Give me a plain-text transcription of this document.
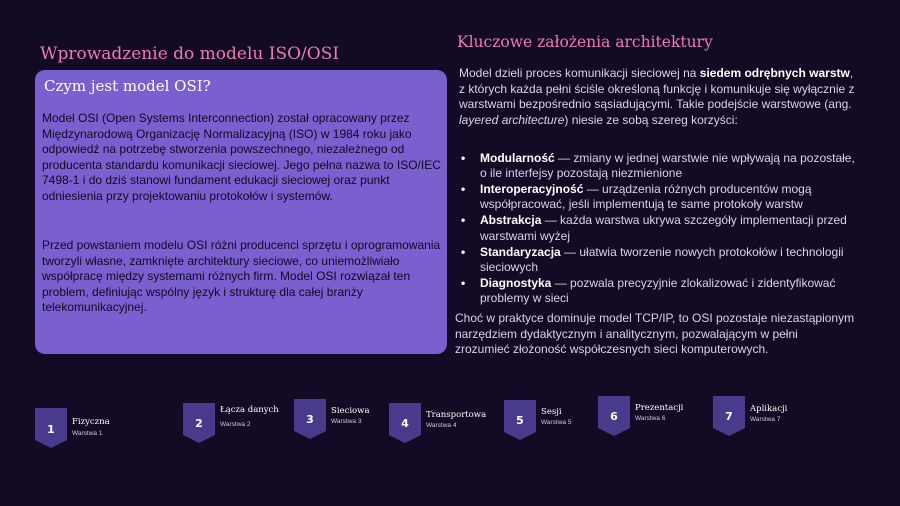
Wprowadzenie do modelu ISO/OSI
Czym jest model OSI?
Model OSI (Open Systems Interconnection) został opracowany przez Międzynarodową Organizację Normalizacyjną (ISO) w 1984 roku jako odpowiedź na potrzebę stworzenia powszechnego, niezależnego od producenta standardu komunikacji sieciowej. Jego pełna nazwa to ISO/IEC 7498-1 i do dziś stanowi fundament edukacji sieciowej oraz punkt odniesienia przy projektowaniu protokołów i systemów.
Przed powstaniem modelu OSI różni producenci sprzętu i oprogramowania tworzyli własne, zamknięte architektury sieciowe, co uniemożliwiało współpracę między systemami różnych firm. Model OSI rozwiązał ten problem, definiując wspólny język i strukturę dla całej branży telekomunikacyjnej.
Kluczowe założenia architektury
Model dzieli proces komunikacji sieciowej na siedem odrębnych warstw, z których każda pełni ściśle określoną funkcję i komunikuje się wyłącznie z warstwami bezpośrednio sąsiadującymi. Takie podejście warstwowe (ang. layered architecture) niesie ze sobą szereg korzyści:
• Modularność — zmiany w jednej warstwie nie wpływają na pozostałe, o ile interfejsy pozostają niezmienione
• Interoperacyjność — urządzenia różnych producentów mogą współpracować, jeśli implementują te same protokoły warstw
• Abstrakcja — każda warstwa ukrywa szczegóły implementacji przed warstwami wyżej
• Standaryzacja — ułatwia tworzenie nowych protokołów i technologii sieciowych
• Diagnostyka — pozwala precyzyjnie zlokalizować i zidentyfikować problemy w sieci
Choć w praktyce dominuje model TCP/IP, to OSI pozostaje niezastąpionym narzędziem dydaktycznym i analitycznym, pozwalającym w pełni zrozumieć złożoność współczesnych sieci komputerowych.
1
Fizyczna
Warstwa 1
2
Łącza danych
Warstwa 2	3
Sieciowa
Warstwa 3	4
Transportowa
Warstwa 4	5
Sesji
Warstwa 5	6
Prezentacji
Warstwa 6	7
Aplikacji
Warstwa 7
